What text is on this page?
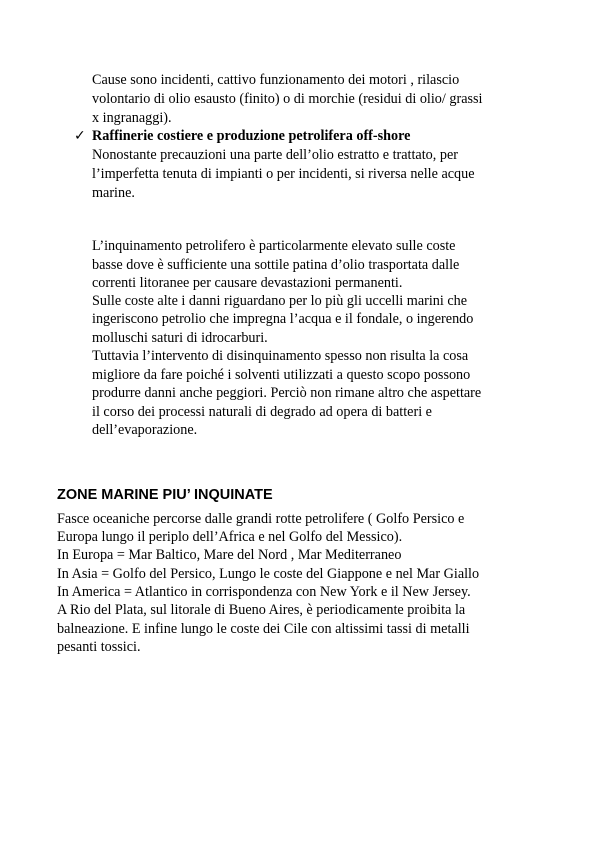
Cause sono incidenti, cattivo funzionamento dei motori , rilascio
volontario di olio esausto (finito) o di morchie (residui di olio/ grassi
x ingranaggi).
✓ Raffinerie costiere e produzione petrolifera off-shore
Nonostante precauzioni una parte dell’olio estratto e trattato, per
l’imperfetta tenuta di impianti o per incidenti, si riversa nelle acque
marine.
L’inquinamento petrolifero è particolarmente elevato sulle coste
basse dove è sufficiente una sottile patina d’olio trasportata dalle
correnti litoranee per causare devastazioni permanenti.
Sulle coste alte i danni riguardano per lo più gli uccelli marini che
ingeriscono petrolio che impregna l’acqua e il fondale, o ingerendo
molluschi saturi di idrocarburi.
Tuttavia l’intervento di disinquinamento spesso non risulta la cosa
migliore da fare poiché i solventi utilizzati a questo scopo possono
produrre danni anche peggiori. Perciò non rimane altro che aspettare
il corso dei processi naturali di degrado ad opera di batteri e
dell’evaporazione.
ZONE MARINE PIU’ INQUINATE
Fasce oceaniche percorse dalle grandi rotte petrolifere ( Golfo Persico e
Europa lungo il periplo dell’Africa e nel Golfo del Messico).
In Europa = Mar Baltico, Mare del Nord , Mar Mediterraneo
In Asia = Golfo del Persico, Lungo le coste del Giappone e nel Mar Giallo
In America = Atlantico in corrispondenza con New York e il New Jersey.
A Rio del Plata, sul litorale di Bueno Aires, è periodicamente proibita la
balneazione. E infine lungo le coste dei Cile con altissimi tassi di metalli
pesanti tossici.
